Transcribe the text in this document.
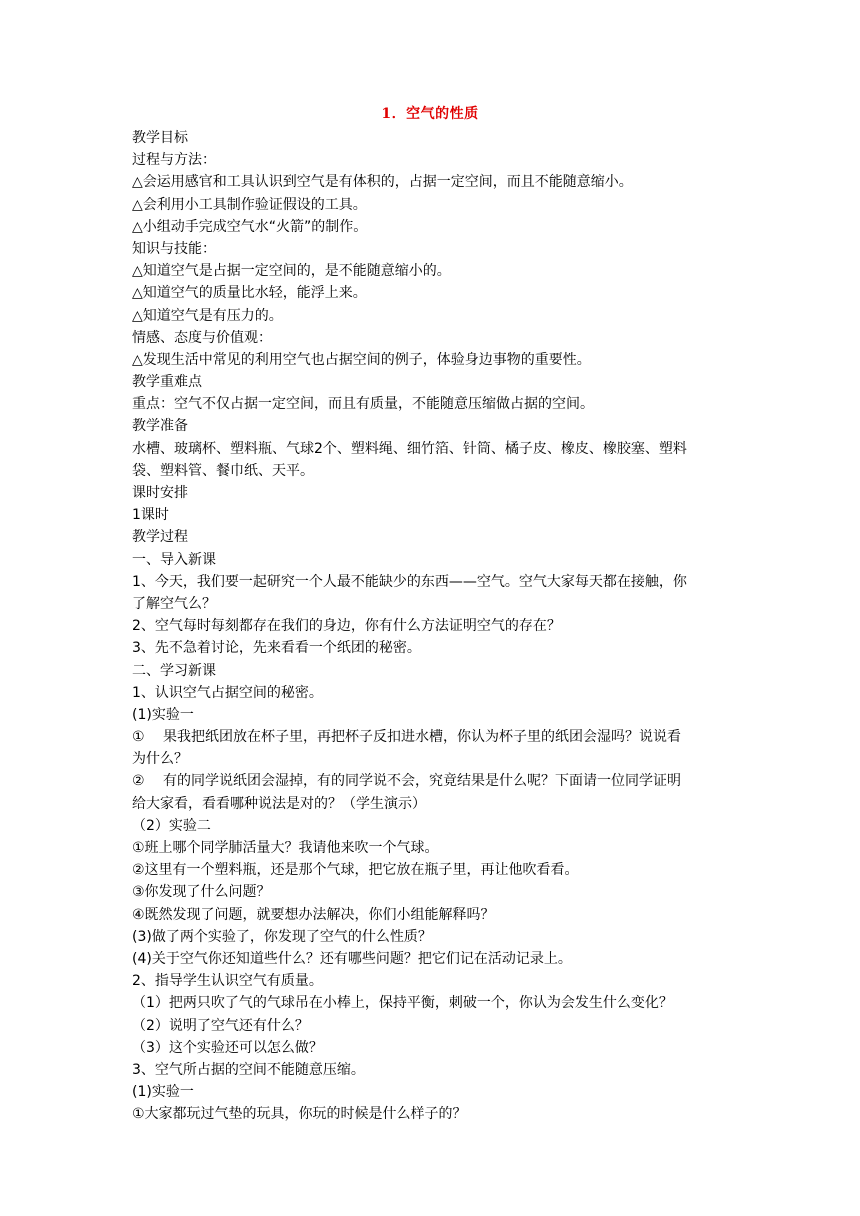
1．空气的性质
教学目标
过程与方法：
△会运用感官和工具认识到空气是有体积的，占据一定空间，而且不能随意缩小。
△会利用小工具制作验证假设的工具。
△小组动手完成空气水“火箭”的制作。
知识与技能：
△知道空气是占据一定空间的，是不能随意缩小的。
△知道空气的质量比水轻，能浮上来。
△知道空气是有压力的。
情感、态度与价值观：
△发现生活中常见的利用空气也占据空间的例子，体验身边事物的重要性。
教学重难点
重点：空气不仅占据一定空间，而且有质量，不能随意压缩做占据的空间。
教学准备
水槽、玻璃杯、塑料瓶、气球2个、塑料绳、细竹箔、针筒、橘子皮、橡皮、橡胶塞、塑料
袋、塑料管、餐巾纸、天平。
课时安排
1课时
教学过程
一、导入新课
1、今天，我们要一起研究一个人最不能缺少的东西——空气。空气大家每天都在接触，你
了解空气么？
2、空气每时每刻都存在我们的身边，你有什么方法证明空气的存在？
3、先不急着讨论，先来看看一个纸团的秘密。
二、学习新课
1、认识空气占据空间的秘密。
(1)实验一
①　 果我把纸团放在杯子里，再把杯子反扣进水槽，你认为杯子里的纸团会湿吗？说说看
为什么？
②　 有的同学说纸团会湿掉，有的同学说不会，究竟结果是什么呢？下面请一位同学证明
给大家看，看看哪种说法是对的？（学生演示）
（2）实验二
①班上哪个同学肺活量大？我请他来吹一个气球。
②这里有一个塑料瓶，还是那个气球，把它放在瓶子里，再让他吹看看。
③你发现了什么问题？
④既然发现了问题，就要想办法解决，你们小组能解释吗？
(3)做了两个实验了，你发现了空气的什么性质？
(4)关于空气你还知道些什么？还有哪些问题？把它们记在活动记录上。
2、指导学生认识空气有质量。
（1）把两只吹了气的气球吊在小棒上，保持平衡，刺破一个，你认为会发生什么变化？
（2）说明了空气还有什么？
（3）这个实验还可以怎么做？
3、空气所占据的空间不能随意压缩。
(1)实验一
①大家都玩过气垫的玩具，你玩的时候是什么样子的？
